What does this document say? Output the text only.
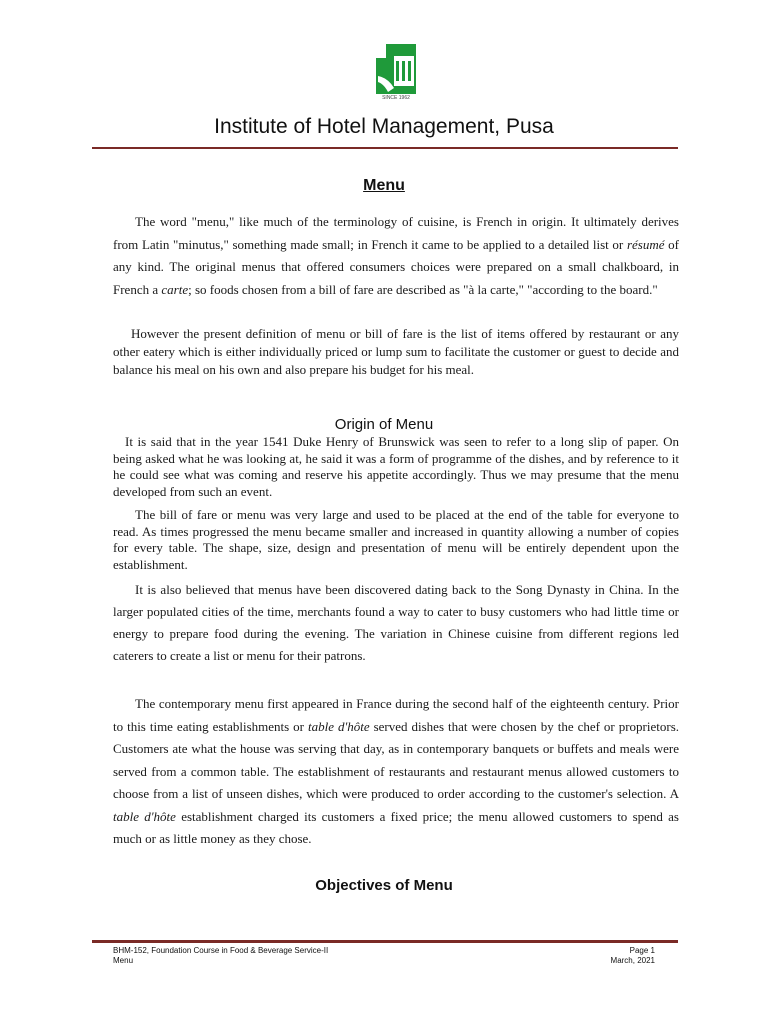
SINCE 1962
Institute of Hotel Management, Pusa
Menu

The word "menu," like much of the terminology of cuisine, is French in origin. It ultimately derives from Latin "minutus," something made small; in French it came to be applied to a detailed list or résumé of any kind. The original menus that offered consumers choices were prepared on a small chalkboard, in French a carte; so foods chosen from a bill of fare are described as "à la carte," "according to the board."

However the present definition of menu or bill of fare is the list of items offered by restaurant or any other eatery which is either individually priced or lump sum to facilitate the customer or guest to decide and balance his meal on his own and also prepare his budget for his meal.

Origin of Menu

It is said that in the year 1541 Duke Henry of Brunswick was seen to refer to a long slip of paper. On being asked what he was looking at, he said it was a form of programme of the dishes, and by reference to it he could see what was coming and reserve his appetite accordingly. Thus we may presume that the menu developed from such an event.

The bill of fare or menu was very large and used to be placed at the end of the table for everyone to read. As times progressed the menu became smaller and increased in quantity allowing a number of copies for every table. The shape, size, design and presentation of menu will be entirely dependent upon the establishment.

It is also believed that menus have been discovered dating back to the Song Dynasty in China. In the larger populated cities of the time, merchants found a way to cater to busy customers who had little time or energy to prepare food during the evening. The variation in Chinese cuisine from different regions led caterers to create a list or menu for their patrons.

The contemporary menu first appeared in France during the second half of the eighteenth century. Prior to this time eating establishments or table d'hôte served dishes that were chosen by the chef or proprietors. Customers ate what the house was serving that day, as in contemporary banquets or buffets and meals were served from a common table. The establishment of restaurants and restaurant menus allowed customers to choose from a list of unseen dishes, which were produced to order according to the customer's selection. A table d'hôte establishment charged its customers a fixed price; the menu allowed customers to spend as much or as little money as they chose.

Objectives of Menu
BHM-152, Foundation Course in Food & Beverage Service-II
Menu
Page 1
March, 2021
